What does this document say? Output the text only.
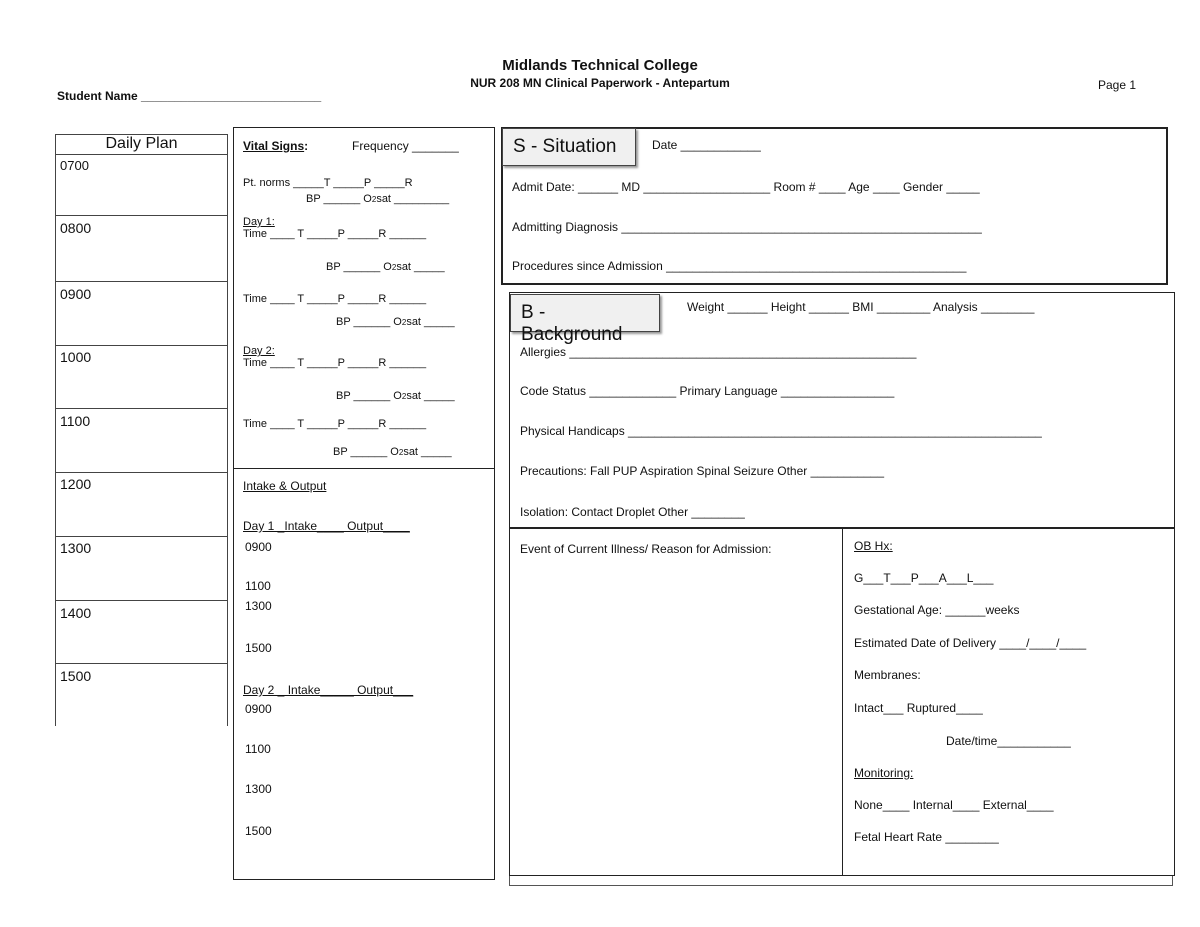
Midlands Technical College
NUR 208 MN Clinical Paperwork - Antepartum
Student Name ___________________________
Page 1
Daily Plan
0700
0800
0900
1000
1100
1200
1300
1400
1500
Vital Signs:	Frequency _______
Pt. norms _____T _____P _____R
BP ______ O2sat _________
Day 1:
Time ____ T _____P _____R ______
BP ______ O2sat _____
Time ____ T _____P _____R ______
BP ______ O2sat _____
Day 2:
Time ____ T _____P _____R ______
BP ______ O2sat _____
Time ____ T _____P _____R ______
BP ______ O2sat _____
Intake & Output
Day 1 _Intake____ Output____
0900
1100
1300
1500
Day 2 _ Intake_____ Output___
0900
1100
1300
1500
S - Situation	Date ____________
Admit Date: ______ MD ___________________ Room # ____ Age ____ Gender _____
Admitting Diagnosis ______________________________________________________
Procedures since Admission _____________________________________________
B - Background
Weight ______ Height ______ BMI ________ Analysis ________
Allergies ____________________________________________________
Code Status _____________ Primary Language _________________
Physical Handicaps ______________________________________________________________
Precautions: Fall PUP Aspiration Spinal Seizure Other ___________
Isolation: Contact Droplet Other ________
Event of Current Illness/ Reason for Admission:	OB Hx:
G___T___P___A___L___
Gestational Age: ______weeks
Estimated Date of Delivery ____/____/____
Membranes:
Intact___ Ruptured____
Date/time___________
Monitoring:
None____ Internal____ External____
Fetal Heart Rate ________
